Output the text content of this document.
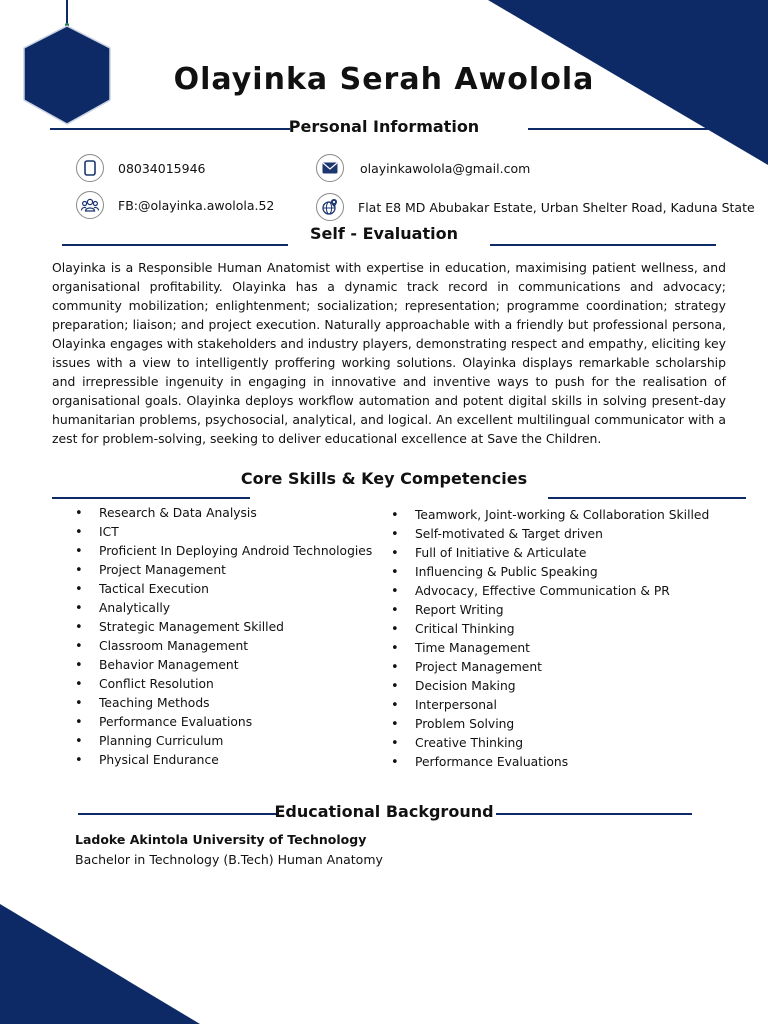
Olayinka Serah Awolola
Personal Information
08034015946	olayinkawolola@gmail.com
FB:@olayinka.awolola.52	Flat E8 MD Abubakar Estate, Urban Shelter Road, Kaduna State
Self - Evaluation

Olayinka is a Responsible Human Anatomist with expertise in education, maximising patient wellness, and organisational profitability. Olayinka has a dynamic track record in communications and advocacy; community mobilization; enlightenment; socialization; representation; programme coordination; strategy preparation; liaison; and project execution. Naturally approachable with a friendly but professional persona, Olayinka engages with stakeholders and industry players, demonstrating respect and empathy, eliciting key issues with a view to intelligently proffering working solutions. Olayinka displays remarkable scholarship and irrepressible ingenuity in engaging in innovative and inventive ways to push for the realisation of organisational goals. Olayinka deploys workflow automation and potent digital skills in solving present-day humanitarian problems, psychosocial, analytical, and logical. An excellent multilingual communicator with a zest for problem-solving, seeking to deliver educational excellence at Save the Children.

Core Skills & Key Competencies
• Research & Data Analysis
• ICT
• Proficient In Deploying Android Technologies
• Project Management
• Tactical Execution
• Analytically
• Strategic Management Skilled
• Classroom Management
• Behavior Management
• Conflict Resolution
• Teaching Methods
• Performance Evaluations
• Planning Curriculum
• Physical Endurance
• Teamwork, Joint-working & Collaboration Skilled
• Self-motivated & Target driven
• Full of Initiative & Articulate
• Influencing & Public Speaking
• Advocacy, Effective Communication & PR
• Report Writing
• Critical Thinking
• Time Management
• Project Management
• Decision Making
• Interpersonal
• Problem Solving
• Creative Thinking
• Performance Evaluations
Educational Background
Ladoke Akintola University of Technology
Bachelor in Technology (B.Tech) Human Anatomy
